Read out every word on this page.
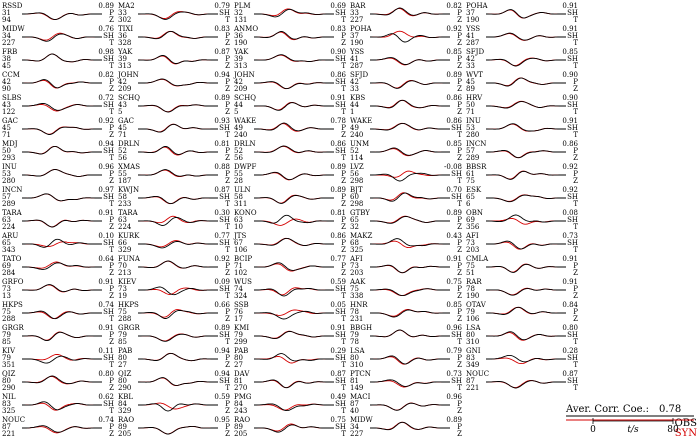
RSSD
31
94
0.89
P
Z
MIDW
34
227
0.76
SH
T
FRB
38
45
0.98
SH
T
CCM
42
90
0.82
P
Z
SLBS
43
122
0.72
SH
T
GAC
45
71
0.92
P
Z
MDJ
50
293
0.94
SH
T
INU
53
280
0.96
P
Z
INCN
57
289
0.97
SH
T
TARA
63
224
0.91
P
Z
ARU
65
343
0.10
SH
T
TATO
69
284
0.64
P
Z
GRFO
73
13
0.91
P
Z
HKPS
75
288
0.74
SH
T
GRGR
79
85
0.91
P
Z
KIV
79
351
0.11
SH
T
QIZ
80
290
0.80
P
Z
NIL
83
325
0.62
SH
T
NOUC
87
221
0.74
P
Z
MA2
33
302
0.79
SH
T
TIXI
36
328
0.83
P
Z
YAK
39
313
0.87
P
Z
JOHN
42
209
0.94
P
Z
SCHQ
43
5
0.89
P
Z
GAC
45
71
0.93
SH
T
DRLN
52
56
0.81
P
Z
XMAS
55
187
0.88
P
Z
KWJN
58
233
0.87
SH
T
TARA
63
224
0.30
SH
T
KURK
66
329
0.77
SH
T
FUNA
70
213
0.92
P
Z
KIEV
73
19
0.09
SH
T
HKPS
75
288
0.66
P
Z
GRGR
79
85
0.89
SH
T
PAB
80
27
0.94
P
Z
QIZ
80
290
0.94
SH
T
KBL
84
329
0.59
P
Z
RAO
89
205
0.95
P
Z
PLM
32
131
0.69
SH
T
ANMO
36
190
0.83
P
Z
YAK
39
313
0.90
SH
T
JOHN
42
209
0.86
SH
T
SCHQ
44
5
0.91
SH
T
WAKE
49
240
0.78
P
Z
DRLN
52
56
0.86
SH
T
DWPF
55
28
0.89
P
Z
ULN
58
311
0.89
P
Z
KONO
63
10
0.81
P
Z
JTS
67
106
0.86
P
Z
BCIP
71
102
0.77
P
Z
WUS
74
324
0.59
SH
T
SSB
76
17
0.05
SH
T
KMI
79
299
0.91
SH
T
PAB
80
27
0.29
SH
T
DAV
81
270
0.87
SH
T
PMG
84
243
0.49
SH
T
RAO
89
205
0.75
SH
T
BAR
33
227
0.82
P
Z
POHA
37
190
0.92
P
Z
YSS
41
287
0.85
P
Z
SFJD
42
33
0.89
P
Z
KBS
44
1
0.86
P
Z
WAKE
49
240
0.86
SH
T
UNM
52
114
0.85
P
Z
LVZ
56
298
-0.08
SH
T
BJT
60
298
0.70
SH
T
GTBY
65
32
0.89
P
Z
MAKZ
68
325
0.43
P
Z
AFI
73
203
0.91
P
Z
AAK
75
338
0.75
P
Z
HNR
78
231
0.85
P
Z
BBGH
79
78
0.96
SH
T
LSA
80
310
0.79
P
Z
PTCN
81
149
0.73
SH
T
MACI
87
40
0.96
P
Z
MIDW
34
227
0.89
P
Z
POHA
37
190
0.91
SH
T
YSS
41
287
0.91
SH
T
SFJD
42
33
0.85
SH
T
WVT
45
89
0.90
P
Z
HRV
50
71
0.90
SH
T
INU
53
280
0.91
SH
T
INCN
57
289
0.86
P
Z
BBSR
61
75
0.92
P
Z
ESK
65
6
0.92
SH
T
OBN
69
356
0.08
SH
T
AFI
73
203
0.73
SH
T
CMLA
75
51
0.91
P
Z
RAR
78
190
0.91
P
Z
OTAV
79
106
0.84
P
Z
LSA
80
310
0.80
SH
T
GNI
83
349
0.28
SH
T
NOUC
87
221
0.87
SH
T
Aver. Corr. Coe.: 0.78
OBS
SYN
0	t/s	80
